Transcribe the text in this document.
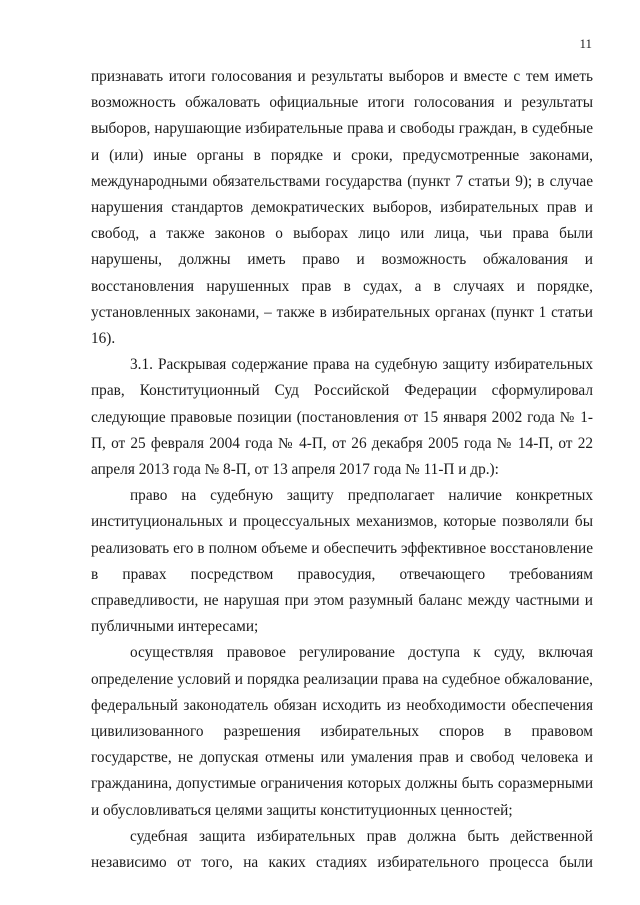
11

признавать итоги голосования и результаты выборов и вместе с тем иметь возможность обжаловать официальные итоги голосования и результаты выборов, нарушающие избирательные права и свободы граждан, в судебные и (или) иные органы в порядке и сроки, предусмотренные законами, международными обязательствами государства (пункт 7 статьи 9); в случае нарушения стандартов демократических выборов, избирательных прав и свобод, а также законов о выборах лицо или лица, чьи права были нарушены, должны иметь право и возможность обжалования и восстановления нарушенных прав в судах, а в случаях и порядке, установленных законами, – также в избирательных органах (пункт 1 статьи 16).

3.1. Раскрывая содержание права на судебную защиту избирательных прав, Конституционный Суд Российской Федерации сформулировал следующие правовые позиции (постановления от 15 января 2002 года № 1-П, от 25 февраля 2004 года № 4-П, от 26 декабря 2005 года № 14-П, от 22 апреля 2013 года № 8-П, от 13 апреля 2017 года № 11-П и др.):

право на судебную защиту предполагает наличие конкретных институциональных и процессуальных механизмов, которые позволяли бы реализовать его в полном объеме и обеспечить эффективное восстановление в правах посредством правосудия, отвечающего требованиям справедливости, не нарушая при этом разумный баланс между частными и публичными интересами;

осуществляя правовое регулирование доступа к суду, включая определение условий и порядка реализации права на судебное обжалование, федеральный законодатель обязан исходить из необходимости обеспечения цивилизованного разрешения избирательных споров в правовом государстве, не допуская отмены или умаления прав и свобод человека и гражданина, допустимые ограничения которых должны быть соразмерными и обусловливаться целями защиты конституционных ценностей;

судебная защита избирательных прав должна быть действенной независимо от того, на каких стадиях избирательного процесса были
